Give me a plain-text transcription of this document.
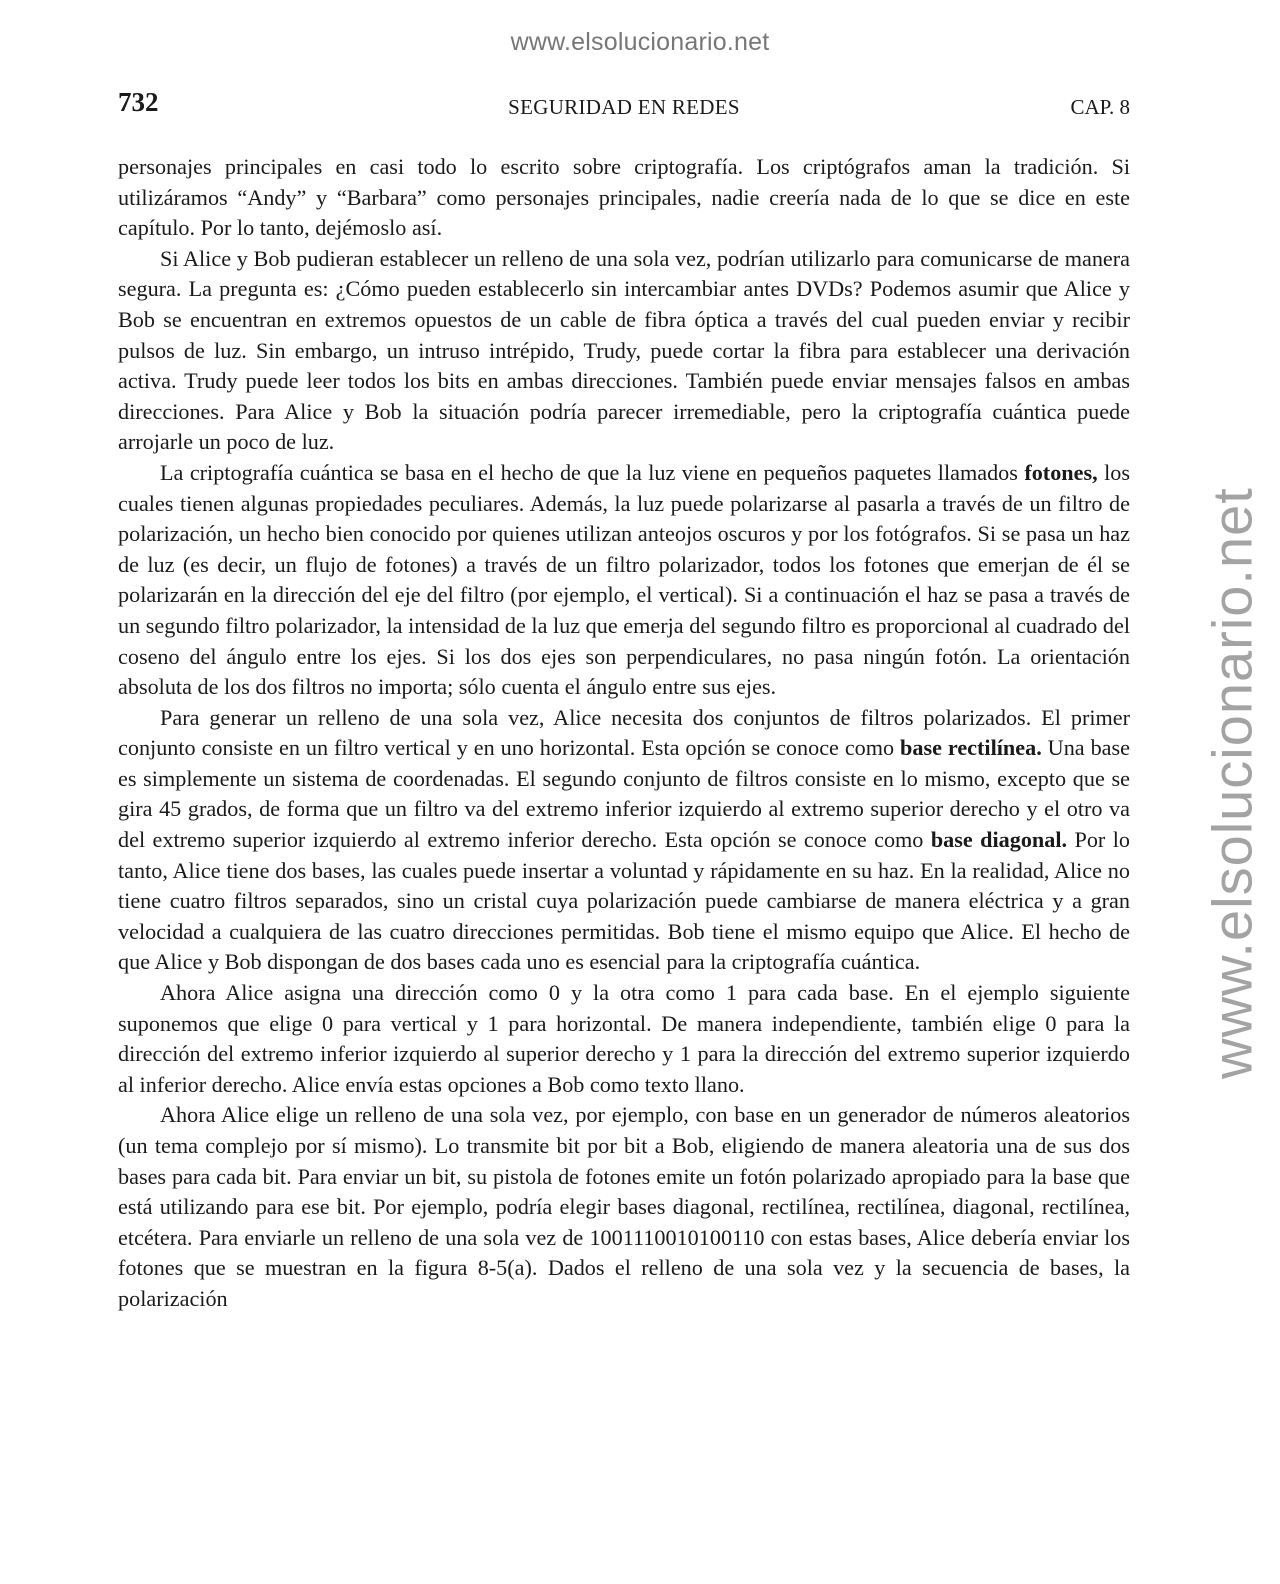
www.elsolucionario.net
www.elsolucionario.net
732	SEGURIDAD EN REDES	CAP. 8

personajes principales en casi todo lo escrito sobre criptografía. Los criptógrafos aman la tradición. Si utilizáramos “Andy” y “Barbara” como personajes principales, nadie creería nada de lo que se dice en este capítulo. Por lo tanto, dejémoslo así.

Si Alice y Bob pudieran establecer un relleno de una sola vez, podrían utilizarlo para comunicarse de manera segura. La pregunta es: ¿Cómo pueden establecerlo sin intercambiar antes DVDs? Podemos asumir que Alice y Bob se encuentran en extremos opuestos de un cable de fibra óptica a través del cual pueden enviar y recibir pulsos de luz. Sin embargo, un intruso intrépido, Trudy, puede cortar la fibra para establecer una derivación activa. Trudy puede leer todos los bits en ambas direcciones. También puede enviar mensajes falsos en ambas direcciones. Para Alice y Bob la situación podría parecer irremediable, pero la criptografía cuántica puede arrojarle un poco de luz.

La criptografía cuántica se basa en el hecho de que la luz viene en pequeños paquetes llamados fotones, los cuales tienen algunas propiedades peculiares. Además, la luz puede polarizarse al pasarla a través de un filtro de polarización, un hecho bien conocido por quienes utilizan anteojos oscuros y por los fotógrafos. Si se pasa un haz de luz (es decir, un flujo de fotones) a través de un filtro polarizador, todos los fotones que emerjan de él se polarizarán en la dirección del eje del filtro (por ejemplo, el vertical). Si a continuación el haz se pasa a través de un segundo filtro polarizador, la intensidad de la luz que emerja del segundo filtro es proporcional al cuadrado del coseno del ángulo entre los ejes. Si los dos ejes son perpendiculares, no pasa ningún fotón. La orientación absoluta de los dos filtros no importa; sólo cuenta el ángulo entre sus ejes.

Para generar un relleno de una sola vez, Alice necesita dos conjuntos de filtros polarizados. El primer conjunto consiste en un filtro vertical y en uno horizontal. Esta opción se conoce como base rectilínea. Una base es simplemente un sistema de coordenadas. El segundo conjunto de filtros consiste en lo mismo, excepto que se gira 45 grados, de forma que un filtro va del extremo inferior izquierdo al extremo superior derecho y el otro va del extremo superior izquierdo al extremo inferior derecho. Esta opción se conoce como base diagonal. Por lo tanto, Alice tiene dos bases, las cuales puede insertar a voluntad y rápidamente en su haz. En la realidad, Alice no tiene cuatro filtros separados, sino un cristal cuya polarización puede cambiarse de manera eléctrica y a gran velocidad a cualquiera de las cuatro direcciones permitidas. Bob tiene el mismo equipo que Alice. El hecho de que Alice y Bob dispongan de dos bases cada uno es esencial para la criptografía cuántica.

Ahora Alice asigna una dirección como 0 y la otra como 1 para cada base. En el ejemplo siguiente suponemos que elige 0 para vertical y 1 para horizontal. De manera independiente, también elige 0 para la dirección del extremo inferior izquierdo al superior derecho y 1 para la dirección del extremo superior izquierdo al inferior derecho. Alice envía estas opciones a Bob como texto llano.

Ahora Alice elige un relleno de una sola vez, por ejemplo, con base en un generador de números aleatorios (un tema complejo por sí mismo). Lo transmite bit por bit a Bob, eligiendo de manera aleatoria una de sus dos bases para cada bit. Para enviar un bit, su pistola de fotones emite un fotón polarizado apropiado para la base que está utilizando para ese bit. Por ejemplo, podría elegir bases diagonal, rectilínea, rectilínea, diagonal, rectilínea, etcétera. Para enviarle un relleno de una sola vez de 1001110010100110 con estas bases, Alice debería enviar los fotones que se muestran en la figura 8-5(a). Dados el relleno de una sola vez y la secuencia de bases, la polarización
